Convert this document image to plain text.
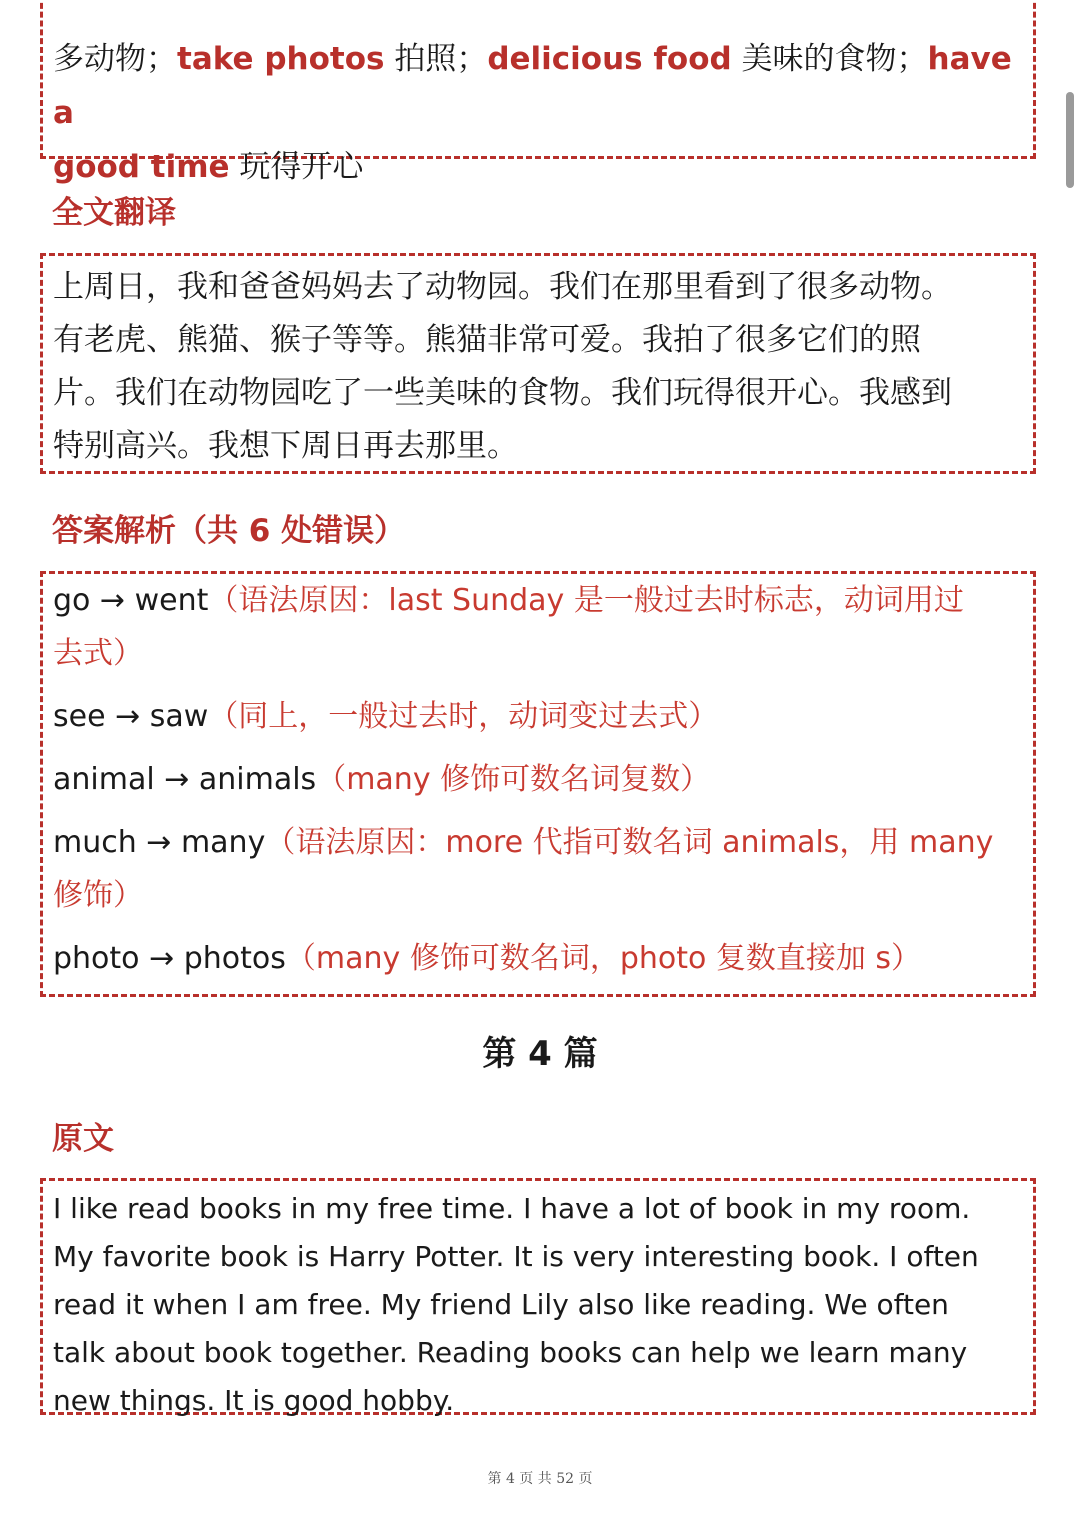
多动物；take photos 拍照；delicious food 美味的食物；have a
good time 玩得开心
全文翻译

上周日，我和爸爸妈妈去了动物园。我们在那里看到了很多动物。

有老虎、熊猫、猴子等等。熊猫非常可爱。我拍了很多它们的照

片。我们在动物园吃了一些美味的食物。我们玩得很开心。我感到

特别高兴。我想下周日再去那里。

答案解析（共 6 处错误）
go → went（语法原因：last Sunday 是一般过去时标志，动词用过
去式）
see → saw（同上，一般过去时，动词变过去式）
animal → animals（many 修饰可数名词复数）
much → many（语法原因：more 代指可数名词 animals，用 many
修饰）
photo → photos（many 修饰可数名词，photo 复数直接加 s）
第 4 篇
原文

I like read books in my free time. I have a lot of book in my room.

My favorite book is Harry Potter. It is very interesting book. I often

read it when I am free. My friend Lily also like reading. We often

talk about book together. Reading books can help we learn many

new things. It is good hobby.

第 4 页 共 52 页
